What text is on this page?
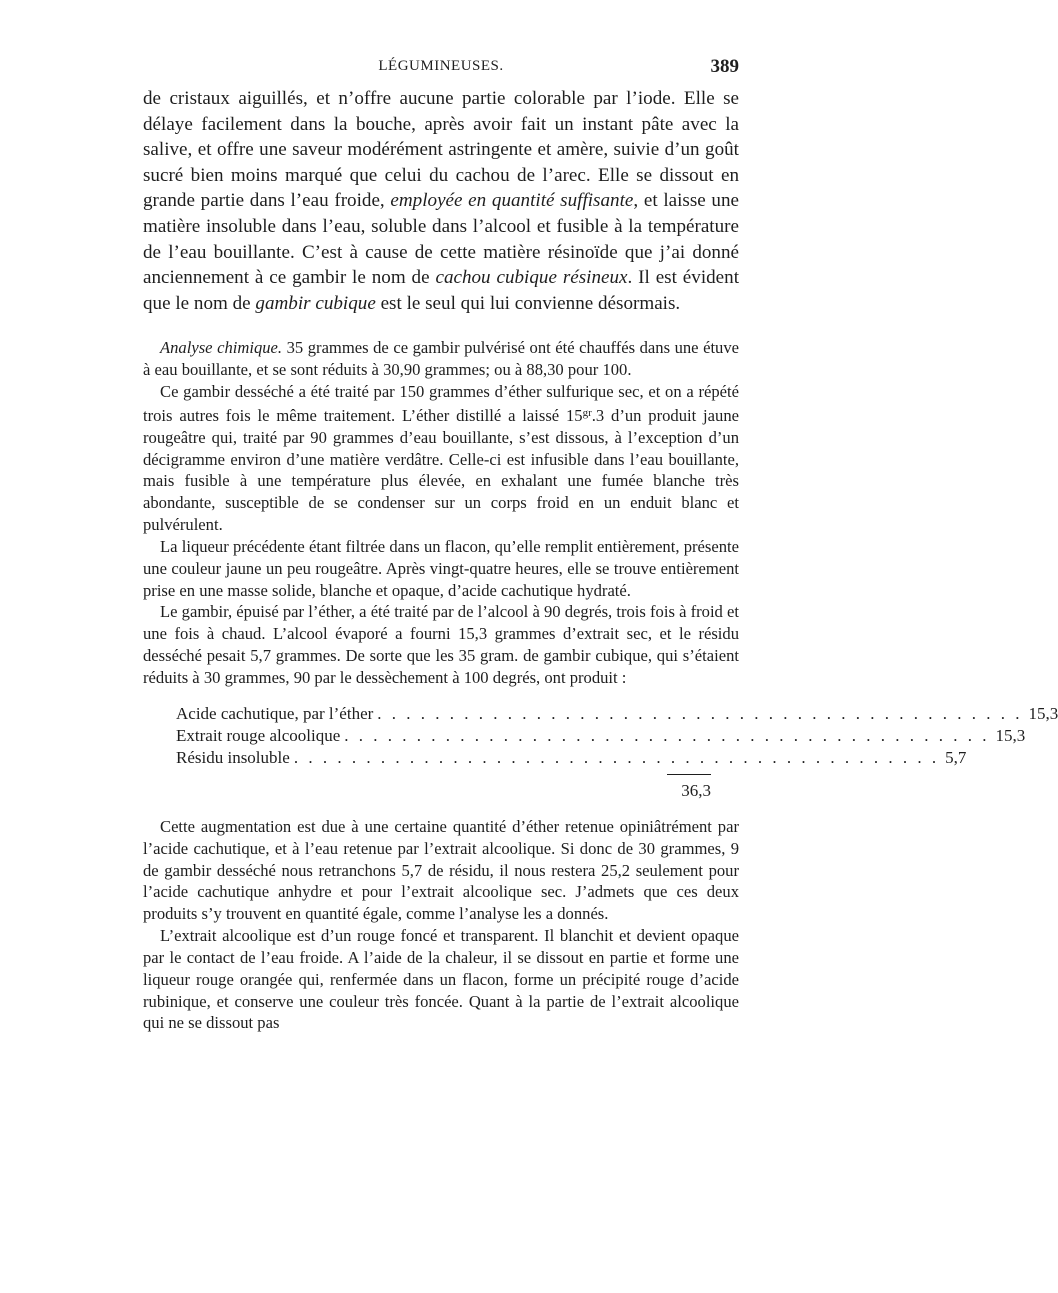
LÉGUMINEUSES.	389

de cristaux aiguillés, et n’offre aucune partie colorable par l’iode. Elle se délaye facilement dans la bouche, après avoir fait un instant pâte avec la salive, et offre une saveur modérément astringente et amère, suivie d’un goût sucré bien moins marqué que celui du cachou de l’arec. Elle se dissout en grande partie dans l’eau froide, employée en quantité suffisante, et laisse une matière insoluble dans l’eau, soluble dans l’alcool et fusible à la température de l’eau bouillante. C’est à cause de cette matière résinoïde que j’ai donné anciennement à ce gambir le nom de cachou cubique résineux. Il est évident que le nom de gambir cubique est le seul qui lui convienne désormais.

Analyse chimique. 35 grammes de ce gambir pulvérisé ont été chauffés dans une étuve à eau bouillante, et se sont réduits à 30,90 grammes; ou à 88,30 pour 100.

Ce gambir desséché a été traité par 150 grammes d’éther sulfurique sec, et on a répété trois autres fois le même traitement. L’éther distillé a laissé $15^{gr}.3$ d’un produit jaune rougeâtre qui, traité par 90 grammes d’eau bouillante, s’est dissous, à l’exception d’un décigramme environ d’une matière verdâtre. Celle-ci est infusible dans l’eau bouillante, mais fusible à une température plus élevée, en exhalant une fumée blanche très abondante, susceptible de se condenser sur un corps froid en un enduit blanc et pulvérulent.

La liqueur précédente étant filtrée dans un flacon, qu’elle remplit entièrement, présente une couleur jaune un peu rougeâtre. Après vingt-quatre heures, elle se trouve entièrement prise en une masse solide, blanche et opaque, d’acide cachutique hydraté.

Le gambir, épuisé par l’éther, a été traité par de l’alcool à 90 degrés, trois fois à froid et une fois à chaud. L’alcool évaporé a fourni 15,3 grammes d’extrait sec, et le résidu desséché pesait 5,7 grammes. De sorte que les 35 gram. de gambir cubique, qui s’étaient réduits à 30 grammes, 90 par le dessèchement à 100 degrés, ont produit :

Acide cachutique, par l’éther . . . . . . . . . . . . . . . . . . . . . . . . . . . . . . . . . . . . . . . . . . . . . 15,3
Extrait rouge alcoolique . . . . . . . . . . . . . . . . . . . . . . . . . . . . . . . . . . . . . . . . . . . . . 15,3
Résidu insoluble . . . . . . . . . . . . . . . . . . . . . . . . . . . . . . . . . . . . . . . . . . . . . 5,7
36,3

Cette augmentation est due à une certaine quantité d’éther retenue opiniâtrément par l’acide cachutique, et à l’eau retenue par l’extrait alcoolique. Si donc de 30 grammes, 9 de gambir desséché nous retranchons 5,7 de résidu, il nous restera 25,2 seulement pour l’acide cachutique anhydre et pour l’extrait alcoolique sec. J’admets que ces deux produits s’y trouvent en quantité égale, comme l’analyse les a donnés.

L’extrait alcoolique est d’un rouge foncé et transparent. Il blanchit et devient opaque par le contact de l’eau froide. A l’aide de la chaleur, il se dissout en partie et forme une liqueur rouge orangée qui, renfermée dans un flacon, forme un précipité rouge d’acide rubinique, et conserve une couleur très foncée. Quant à la partie de l’extrait alcoolique qui ne se dissout pas
